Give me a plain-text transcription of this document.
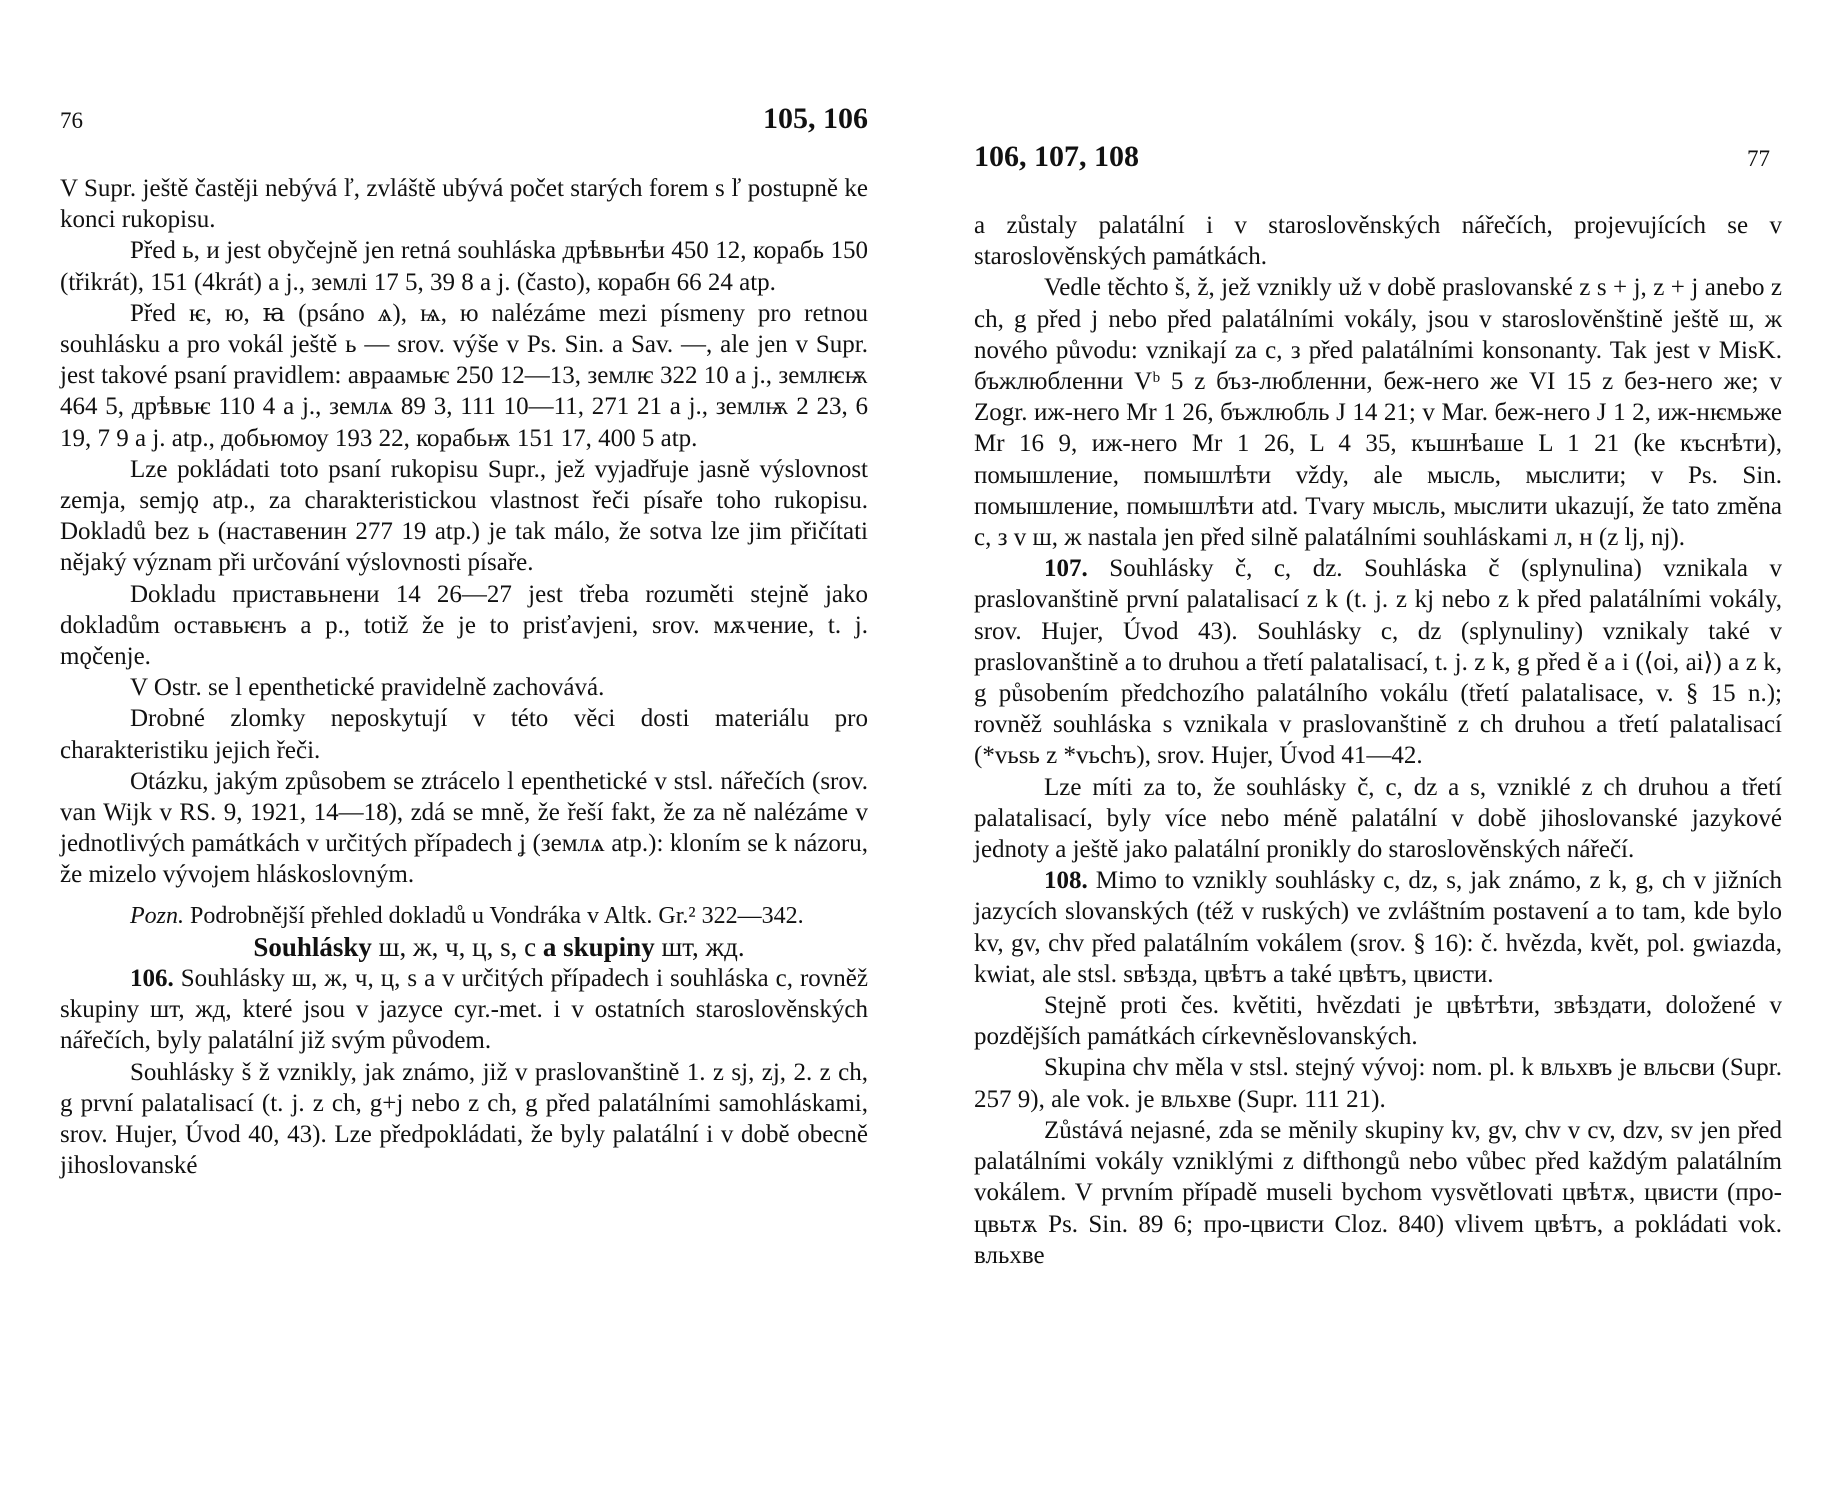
76	105, 106

V Supr. ještě častěji nebývá ľ, zvláště ubývá počet starých forem s ľ postupně ke konci rukopisu.

Před ь, и jest obyčejně jen retná souhláska дрѣвьнѣи 450 12, корабь 150 (třikrát), 151 (4krát) a j., землі 17 5, 39 8 a j. (často), корабн 66 24 atp.

Před ѥ, ю, ꙗ (psáno ѧ), ѩ, ю nalézáme mezi písmeny pro retnou souhlásku a pro vokál ještě ь — srov. výše v Ps. Sin. a Sav. —, ale jen v Supr. jest takové psaní pravidlem: авраамьѥ 250 12—13, землѥ 322 10 a j., землѥѭ 464 5, дрѣвьѥ 110 4 a j., землѧ 89 3, 111 10—11, 271 21 a j., землѭ 2 23, 6 19, 7 9 a j. atp., добьюмоу 193 22, корабьѭ 151 17, 400 5 atp.

Lze pokládati toto psaní rukopisu Supr., jež vyjadřuje jasně výslovnost zemja, semjǫ atp., za charakteristickou vlastnost řeči písaře toho rukopisu. Dokladů bez ь (наставенин 277 19 atp.) je tak málo, že sotva lze jim přičítati nějaký význam při určování výslovnosti písaře.

Dokladu приставьнени 14 26—27 jest třeba rozuměti stejně jako dokladům оставьѥнъ a p., totiž že je to prisťavjeni, srov. мѫчение, t. j. mǫčenje.

V Ostr. se l epenthetické pravidelně zachovává.

Drobné zlomky neposkytují v této věci dosti materiálu pro charakteristiku jejich řeči.

Otázku, jakým způsobem se ztrácelo l epenthetické v stsl. nářečích (srov. van Wijk v RS. 9, 1921, 14—18), zdá se mně, že řeší fakt, že za ně nalézáme v jednotlivých památkách v určitých případech ʝ (землѧ atp.): kloním se k názoru, že mizelo vývojem hláskoslovným.

Pozn. Podrobnější přehled dokladů u Vondráka v Altk. Gr.² 322—342.

Souhlásky ш, ж, ч, ц, ѕ, с a skupiny шт, жд.

106. Souhlásky ш, ж, ч, ц, ѕ a v určitých případech i souhláska с, rovněž skupiny шт, жд, které jsou v jazyce cyr.-met. i v ostatních staroslověnských nářečích, byly palatální již svým původem.

Souhlásky š ž vznikly, jak známo, již v praslovanštině 1. z sj, zj, 2. z ch, g první palatalisací (t. j. z ch, g+j nebo z ch, g před palatálními samohláskami, srov. Hujer, Úvod 40, 43). Lze předpokládati, že byly palatální i v době obecně jihoslovanské

106, 107, 108	77

a zůstaly palatální i v staroslověnských nářečích, projevujících se v staroslověnských památkách.

Vedle těchto š, ž, jež vznikly už v době praslovanské z s + j, z + j anebo z ch, g před j nebo před palatálními vokály, jsou v staroslověnštině ještě ш, ж nového původu: vznikají za с, з před palatálními konsonanty. Tak jest v MisK. бъжлюбленни Vᵇ 5 z бъз-любленни, беж-него же VI 15 z без-него же; v Zogr. иж-него Mr 1 26, бъжлюбль J 14 21; v Mar. беж-него J 1 2, иж-нѥмьже Mr 16 9, иж-него Mr 1 26, L 4 35, къшнѣаше L 1 21 (ke къснѣти), помышление, помышлѣти vždy, ale мысль, мыслити; v Ps. Sin. помышление, помышлѣти atd. Tvary мысль, мыслити ukazují, že tato změna с, з v ш, ж nastala jen před silně palatálními souhláskami л, н (z lj, nj).

107. Souhlásky č, c, dz. Souhláska č (splynulina) vznikala v praslovanštině první palatalisací z k (t. j. z kj nebo z k před palatálními vokály, srov. Hujer, Úvod 43). Souhlásky c, dz (splynuliny) vznikaly také v praslovanštině a to druhou a třetí palatalisací, t. j. z k, g před ě a i (⟨oi, ai⟩) a z k, g působením předchozího palatálního vokálu (třetí palatalisace, v. § 15 n.); rovněž souhláska s vznikala v praslovanštině z ch druhou a třetí palatalisací (*vьsь z *vьchъ), srov. Hujer, Úvod 41—42.

Lze míti za to, že souhlásky č, c, dz a s, vzniklé z ch druhou a třetí palatalisací, byly více nebo méně palatální v době jihoslovanské jazykové jednoty a ještě jako palatální pronikly do staroslověnských nářečí.

108. Mimo to vznikly souhlásky c, dz, s, jak známo, z k, g, ch v jižních jazycích slovanských (též v ruských) ve zvláštním postavení a to tam, kde bylo kv, gv, chv před palatálním vokálem (srov. § 16): č. hvězda, květ, pol. gwiazda, kwiat, ale stsl. ѕвѣзда, цвѣтъ a také цвѣтъ, цвисти.

Stejně proti čes. květiti, hvězdati je цвѣтѣти, звѣздати, doložené v pozdějších památkách církevněslovanských.

Skupina chv měla v stsl. stejný vývoj: nom. pl. k вльхвъ je вльсви (Supr. 257 9), ale vok. je вльхве (Supr. 111 21).

Zůstává nejasné, zda se měnily skupiny kv, gv, chv v cv, dzv, sv jen před palatálními vokály vzniklými z difthongů nebo vůbec před každým palatálním vokálem. V prvním případě museli bychom vysvětlovati цвѣтѫ, цвисти (про-цвьтѫ Ps. Sin. 89 6; про-цвисти Cloz. 840) vlivem цвѣтъ, a pokládati vok. вльхве
